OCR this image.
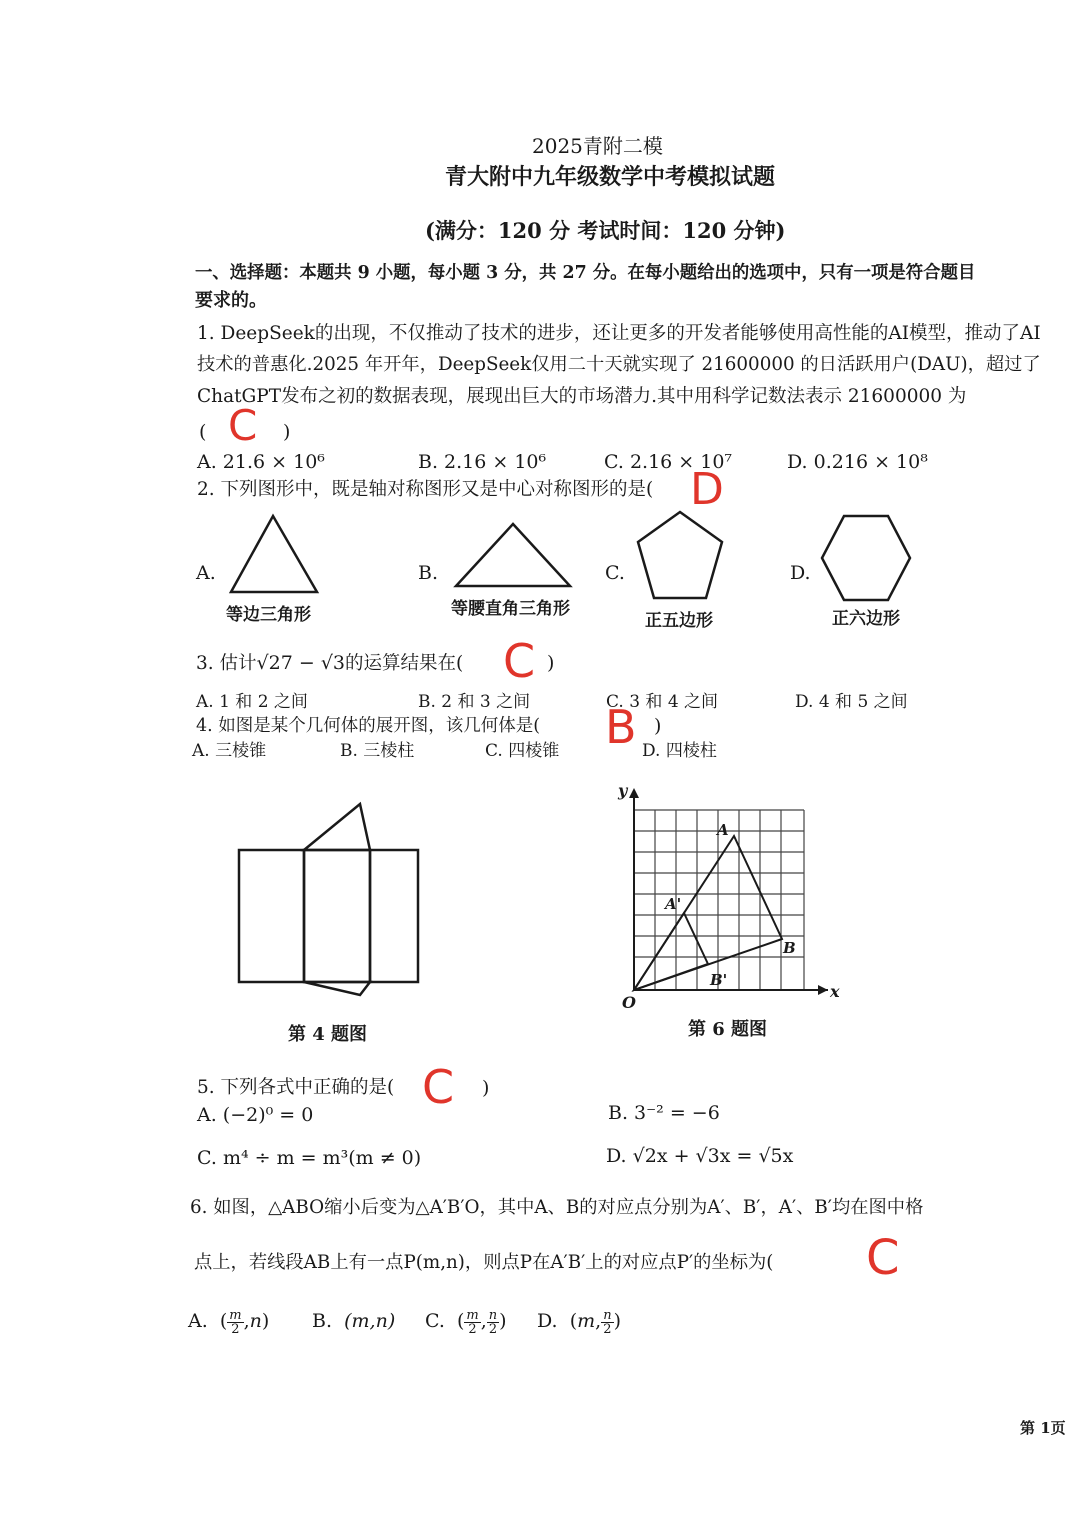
2025青附二模
青大附中九年级数学中考模拟试题
(满分：120 分 考试时间：120 分钟)
一、选择题：本题共 9 小题，每小题 3 分，共 27 分。在每小题给出的选项中，只有一项是符合题目
要求的。
1. DeepSeek的出现，不仅推动了技术的进步，还让更多的开发者能够使用高性能的AI模型，推动了AI
技术的普惠化.2025 年开年，DeepSeek仅用二十天就实现了 21600000 的日活跃用户(DAU)，超过了
ChatGPT发布之初的数据表现，展现出巨大的市场潜力.其中用科学记数法表示 21600000 为
( C )
A. 21.6 × 10⁶	B. 2.16 × 10⁶	C. 2.16 × 10⁷	D. 0.216 × 10⁸
2. 下列图形中，既是轴对称图形又是中心对称图形的是( D
A.	B.	C.	D.
等边三角形	等腰直角三角形
正五边形	正六边形
3. 估计√27 − √3的运算结果在( C )
A. 1 和 2 之间	B. 2 和 3 之间	C. 3 和 4 之间	D. 4 和 5 之间
4. 如图是某个几何体的展开图，该几何体是( B )
A. 三棱锥	B. 三棱柱	C. 四棱锥	D. 四棱柱
第 4 题图
y
x
O
A
A'
B
B'
第 6 题图
5. 下列各式中正确的是( C )
A. (−2)⁰ = 0	B. 3⁻² = −6
C. m⁴ ÷ m = m³(m ≠ 0)	D. √2x + √3x = √5x
6. 如图，△ABO缩小后变为△A′B′O，其中A、B的对应点分别为A′、B′，A′、B′均在图中格
点上，若线段AB上有一点P(m,n)，则点P在A′B′上的对应点P′的坐标为( C
A.  ( $\frac{m}{2} ,n$) B. (m,n) C.  ( $\frac{m}{2}$ , $\frac{n}{2}$ ) D.  (m, $\frac{n}{2}$ )
第 1页
